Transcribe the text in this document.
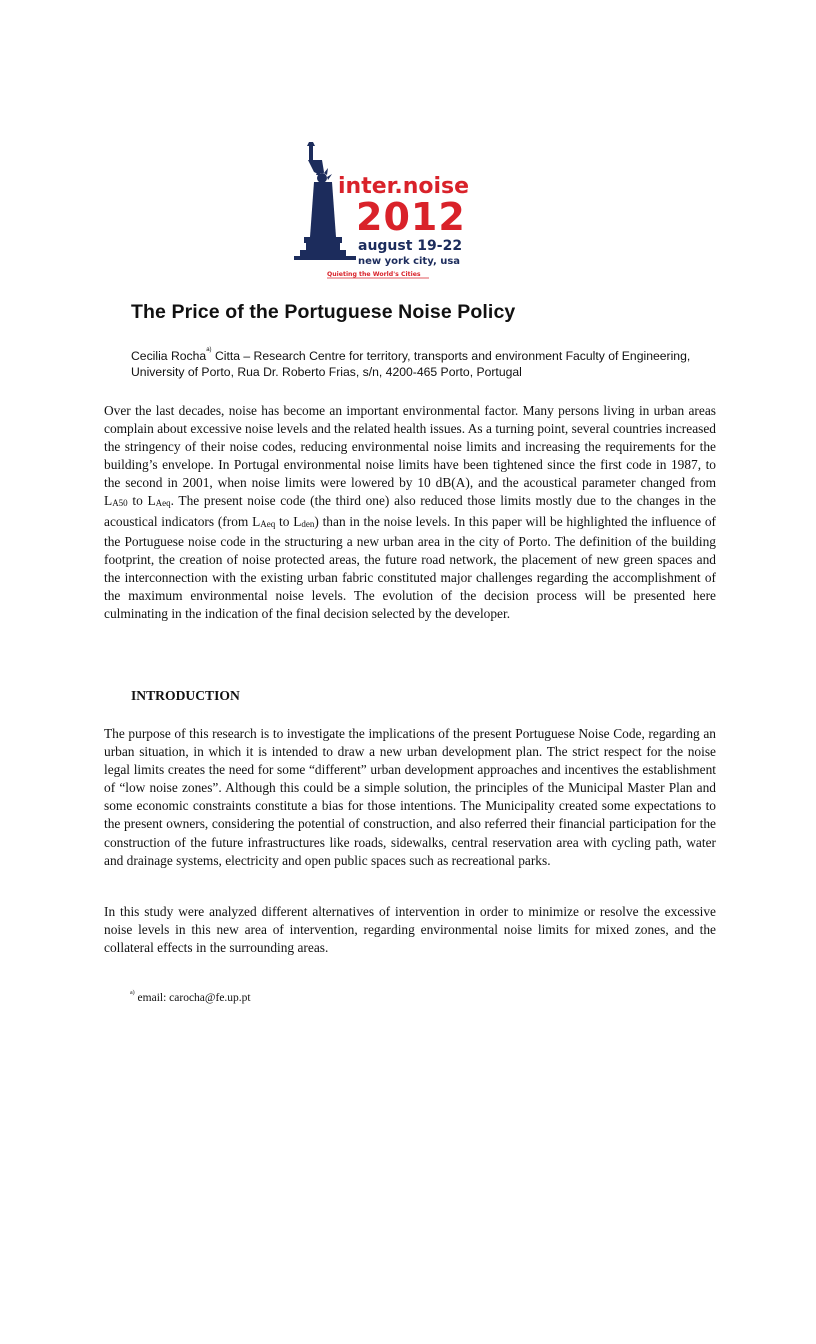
inter.noise
2012
august 19-22
new york city, usa
Quieting the World's Cities
The Price of the Portuguese Noise Policy
Cecilia Rocha$^{a)}$ Citta – Research Centre for territory, transports and environment Faculty of Engineering, University of Porto, Rua Dr. Roberto Frias, s/n, 4200-465 Porto, Portugal

Over the last decades, noise has become an important environmental factor. Many persons living in urban areas complain about excessive noise levels and the related health issues. As a turning point, several countries increased the stringency of their noise codes, reducing environmental noise limits and increasing the requirements for the building’s envelope. In Portugal environmental noise limits have been tightened since the first code in 1987, to the second in 2001, when noise limits were lowered by 10 dB(A), and the acoustical parameter changed from LA50 to LAeq. The present noise code (the third one) also reduced those limits mostly due to the changes in the acoustical indicators (from LAeq to Lden) than in the noise levels. In this paper will be highlighted the influence of the Portuguese noise code in the structuring a new urban area in the city of Porto. The definition of the building footprint, the creation of noise protected areas, the future road network, the placement of new green spaces and the interconnection with the existing urban fabric constituted major challenges regarding the accomplishment of the maximum environmental noise levels. The evolution of the decision process will be presented here culminating in the indication of the final decision selected by the developer.

INTRODUCTION

The purpose of this research is to investigate the implications of the present Portuguese Noise Code, regarding an urban situation, in which it is intended to draw a new urban development plan. The strict respect for the noise legal limits creates the need for some “different” urban development approaches and incentives the establishment of “low noise zones”. Although this could be a simple solution, the principles of the Municipal Master Plan and some economic constraints constitute a bias for those intentions. The Municipality created some expectations to the present owners, considering the potential of construction, and also referred their financial participation for the construction of the future infrastructures like roads, sidewalks, central reservation area with cycling path, water and drainage systems, electricity and open public spaces such as recreational parks.

In this study were analyzed different alternatives of intervention in order to minimize or resolve the excessive noise levels in this new area of intervention, regarding environmental noise limits for mixed zones, and the collateral effects in the surrounding areas.

$^{a)}$ email: carocha@fe.up.pt
